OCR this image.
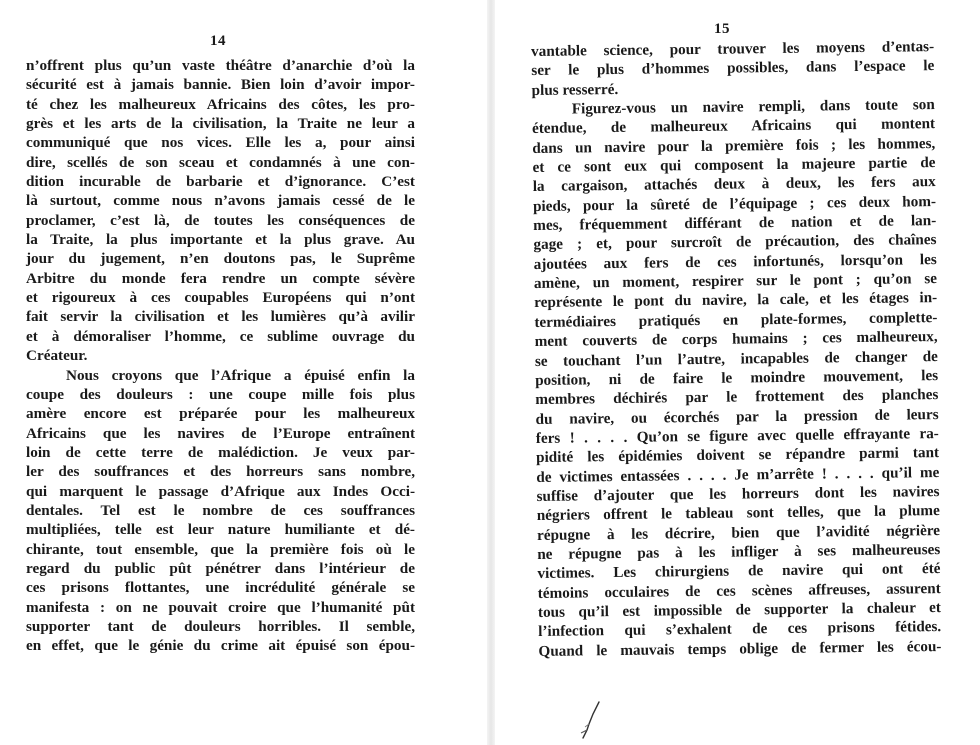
14

n’offrent plus qu’un vaste théâtre d’anarchie d’où la
sécurité est à jamais bannie. Bien loin d’avoir impor-
té chez les malheureux Africains des côtes, les pro-
grès et les arts de la civilisation, la Traite ne leur a
communiqué que nos vices. Elle les a, pour ainsi
dire, scellés de son sceau et condamnés à une con-
dition incurable de barbarie et d’ignorance. C’est
là surtout, comme nous n’avons jamais cessé de le
proclamer, c’est là, de toutes les conséquences de
la Traite, la plus importante et la plus grave. Au
jour du jugement, n’en doutons pas, le Suprême
Arbitre du monde fera rendre un compte sévère
et rigoureux à ces coupables Européens qui n’ont
fait servir la civilisation et les lumières qu’à avilir
et à démoraliser l’homme, ce sublime ouvrage du
Créateur.

Nous croyons que l’Afrique a épuisé enfin la
coupe des douleurs : une coupe mille fois plus
amère encore est préparée pour les malheureux
Africains que les navires de l’Europe entraînent
loin de cette terre de malédiction. Je veux par-
ler des souffrances et des horreurs sans nombre,
qui marquent le passage d’Afrique aux Indes Occi-
dentales. Tel est le nombre de ces souffrances
multipliées, telle est leur nature humiliante et dé-
chirante, tout ensemble, que la première fois où le
regard du public pût pénétrer dans l’intérieur de
ces prisons flottantes, une incrédulité générale se
manifesta : on ne pouvait croire que l’humanité pût
supporter tant de douleurs horribles. Il semble,
en effet, que le génie du crime ait épuisé son épou-

15

vantable science, pour trouver les moyens d’entas-
ser le plus d’hommes possibles, dans l’espace le
plus resserré.

Figurez-vous un navire rempli, dans toute son
étendue, de malheureux Africains qui montent
dans un navire pour la première fois ; les hommes,
et ce sont eux qui composent la majeure partie de
la cargaison, attachés deux à deux, les fers aux
pieds, pour la sûreté de l’équipage ; ces deux hom-
mes, fréquemment différant de nation et de lan-
gage ; et, pour surcroît de précaution, des chaînes
ajoutées aux fers de ces infortunés, lorsqu’on les
amène, un moment, respirer sur le pont ; qu’on se
représente le pont du navire, la cale, et les étages in-
termédiaires pratiqués en plate-formes, complette-
ment couverts de corps humains ; ces malheureux,
se touchant l’un l’autre, incapables de changer de
position, ni de faire le moindre mouvement, les
membres déchirés par le frottement des planches
du navire, ou écorchés par la pression de leurs
fers ! . . . . Qu’on se figure avec quelle effrayante ra-
pidité les épidémies doivent se répandre parmi tant
de victimes entassées . . . . Je m’arrête ! . . . . qu’il me
suffise d’ajouter que les horreurs dont les navires
négriers offrent le tableau sont telles, que la plume
répugne à les décrire, bien que l’avidité négrière
ne répugne pas à les infliger à ses malheureuses
victimes. Les chirurgiens de navire qui ont été
témoins occulaires de ces scènes affreuses, assurent
tous qu’il est impossible de supporter la chaleur et
l’infection qui s’exhalent de ces prisons fétides.
Quand le mauvais temps oblige de fermer les écou-
